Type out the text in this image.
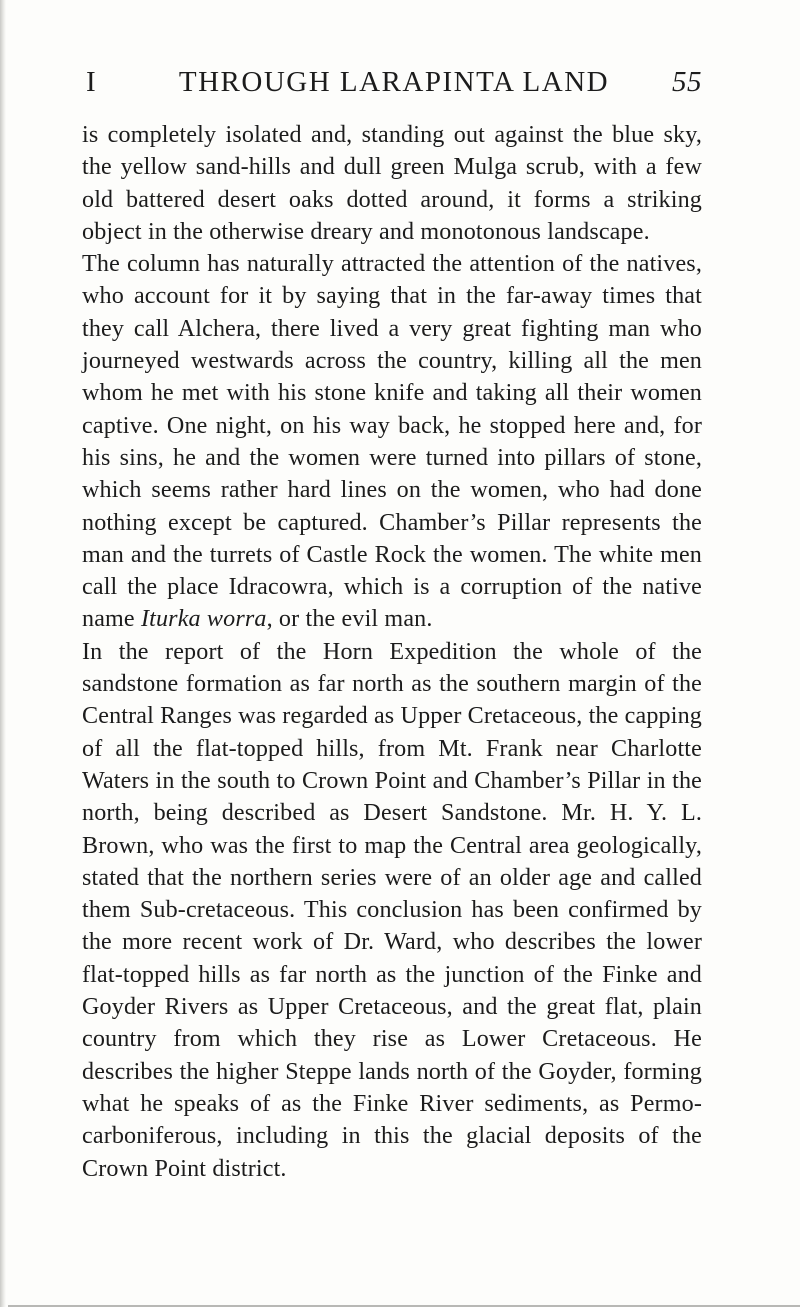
I	THROUGH LARAPINTA LAND	55

is completely isolated and, standing out against the blue sky, the yellow sand-hills and dull green Mulga scrub, with a few old battered desert oaks dotted around, it forms a striking object in the otherwise dreary and monotonous landscape.

The column has naturally attracted the attention of the natives, who account for it by saying that in the far-away times that they call Alchera, there lived a very great fighting man who journeyed westwards across the country, killing all the men whom he met with his stone knife and taking all their women captive. One night, on his way back, he stopped here and, for his sins, he and the women were turned into pillars of stone, which seems rather hard lines on the women, who had done nothing except be captured. Chamber’s Pillar represents the man and the turrets of Castle Rock the women. The white men call the place Idracowra, which is a corruption of the native name Iturka worra, or the evil man.

In the report of the Horn Expedition the whole of the sandstone formation as far north as the southern margin of the Central Ranges was regarded as Upper Cretaceous, the capping of all the flat-topped hills, from Mt. Frank near Charlotte Waters in the south to Crown Point and Chamber’s Pillar in the north, being described as Desert Sandstone. Mr. H. Y. L. Brown, who was the first to map the Central area geologically, stated that the northern series were of an older age and called them Sub-cretaceous. This conclusion has been confirmed by the more recent work of Dr. Ward, who describes the lower flat-topped hills as far north as the junction of the Finke and Goyder Rivers as Upper Cretaceous, and the great flat, plain country from which they rise as Lower Cretaceous. He describes the higher Steppe lands north of the Goyder, forming what he speaks of as the Finke River sediments, as Permo-carboniferous, including in this the glacial deposits of the Crown Point district.
